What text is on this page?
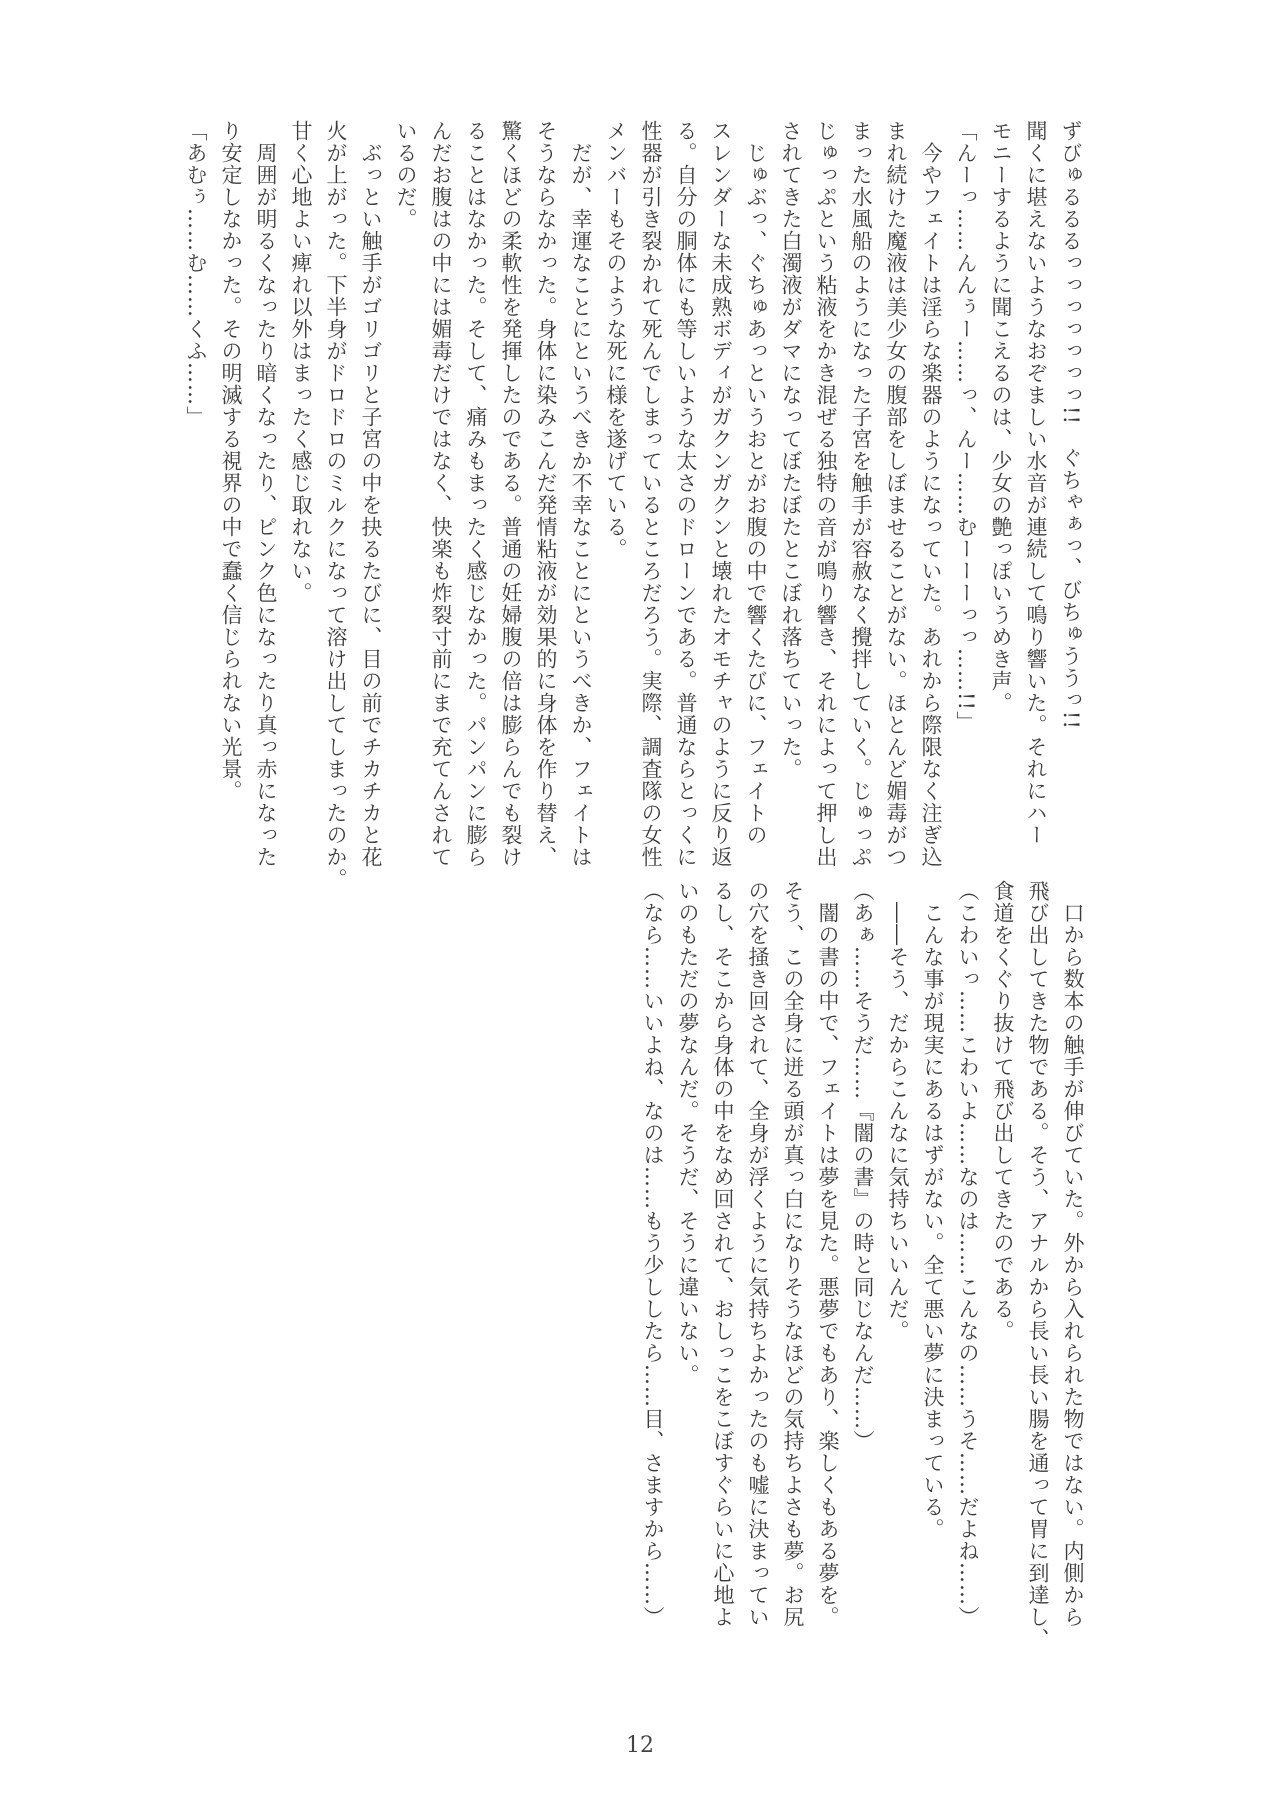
ずびゅるるるっっっっっっっ!!　ぐちゃぁっ、びちゅううっ!!
聞くに堪えないようなおぞましい水音が連続して鳴り響いた。それにハー
モニーするように聞こえるのは、少女の艶っぽいうめき声。
「んーっ……んんぅー……っ、んー……むーーーっっ……!!」
　今やフェイトは淫らな楽器のようになっていた。あれから際限なく注ぎ込
まれ続けた魔液は美少女の腹部をしぼませることがない。ほとんど媚毒がつ
まった水風船のようになった子宮を触手が容赦なく攪拌していく。じゅっぷ
じゅっぷという粘液をかき混ぜる独特の音が鳴り響き、それによって押し出
されてきた白濁液がダマになってぼたぼたとこぼれ落ちていった。
　じゅぶっ、ぐちゅあっというおとがお腹の中で響くたびに、フェイトの
スレンダーな未成熟ボディがガクンガクンと壊れたオモチャのように反り返
る。自分の胴体にも等しいような太さのドローンである。普通ならとっくに
性器が引き裂かれて死んでしまっているところだろう。実際、調査隊の女性
メンバーもそのような死に様を遂げている。
　だが、幸運なことにというべきか不幸なことにというべきか、フェイトは
そうならなかった。身体に染みこんだ発情粘液が効果的に身体を作り替え、
驚くほどの柔軟性を発揮したのである。普通の妊婦腹の倍は膨らんでも裂け
ることはなかった。そして、痛みもまったく感じなかった。パンパンに膨ら
んだお腹はの中には媚毒だけではなく、快楽も炸裂寸前にまで充てんされて
いるのだ。
　ぶっとい触手がゴリゴリと子宮の中を抉るたびに、目の前でチカチカと花
火が上がった。下半身がドロドロのミルクになって溶け出してしまったのか。
甘く心地よい痺れ以外はまったく感じ取れない。
　周囲が明るくなったり暗くなったり、ピンク色になったり真っ赤になった
り安定しなかった。その明滅する視界の中で蠢く信じられない光景。
「あむぅ……む……くふ……」
　口から数本の触手が伸びていた。外から入れられた物ではない。内側から
飛び出してきた物である。そう、アナルから長い長い腸を通って胃に到達し、
食道をくぐり抜けて飛び出してきたのである。
（こわいっ……こわいよ……なのは……こんなの……うそ……だよね……）
　こんな事が現実にあるはずがない。全て悪い夢に決まっている。
　――そう、だからこんなに気持ちいいんだ。
（あぁ……そうだ……『闇の書』の時と同じなんだ……）
　闇の書の中で、フェイトは夢を見た。悪夢でもあり、楽しくもある夢を。
そう、この全身に迸る頭が真っ白になりそうなほどの気持ちよさも夢。お尻
の穴を掻き回されて、全身が浮くように気持ちよかったのも嘘に決まってい
るし、そこから身体の中をなめ回されて、おしっこをこぼすぐらいに心地よ
いのもただの夢なんだ。そうだ、そうに違いない。
（なら……いいよね、なのは……もう少ししたら……目、さますから……）
12
